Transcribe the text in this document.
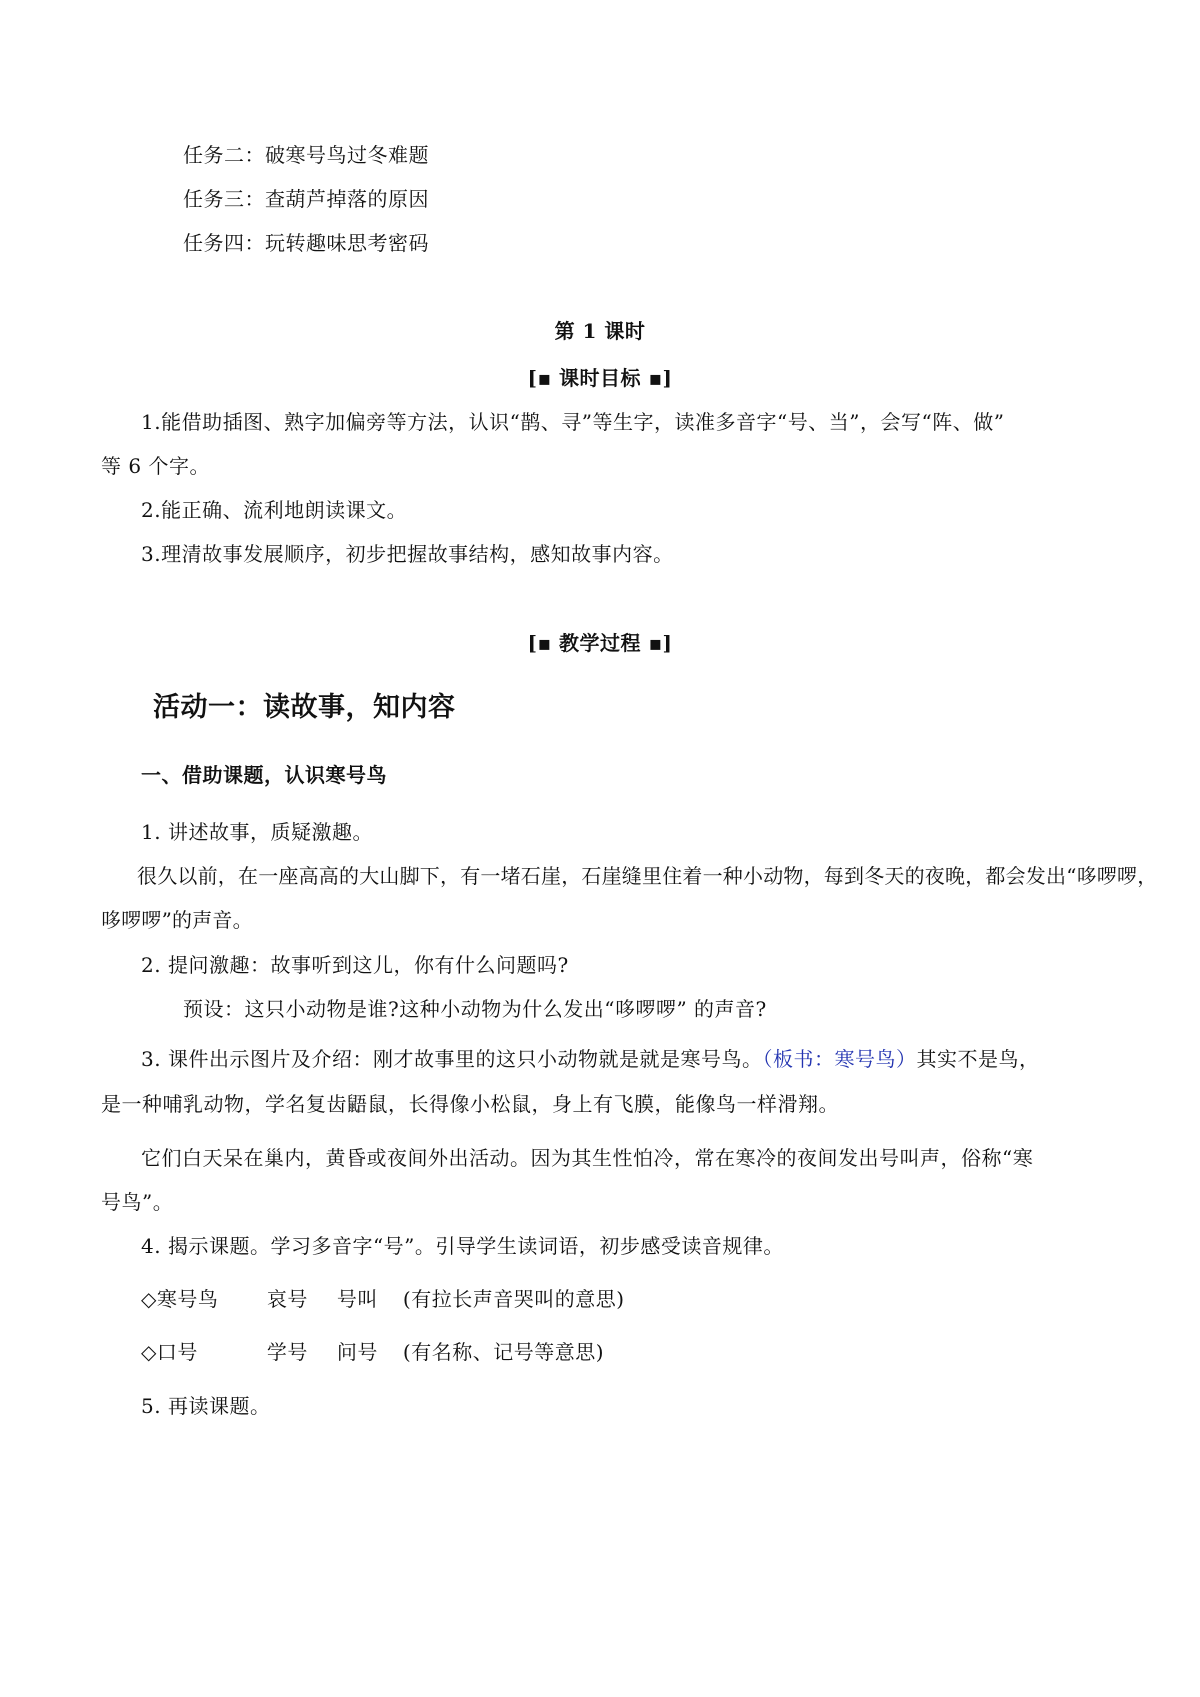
任务二：破寒号鸟过冬难题
任务三：查葫芦掉落的原因
任务四：玩转趣味思考密码
第 1 课时
[▪ 课时目标 ▪]
1.能借助插图、熟字加偏旁等方法，认识“鹊、寻”等生字，读准多音字“号、当”，会写“阵、做”
等 6 个字。
2.能正确、流利地朗读课文。
3.理清故事发展顺序，初步把握故事结构，感知故事内容。
[▪ 教学过程 ▪]
活动一：读故事，知内容
一、借助课题，认识寒号鸟
1. 讲述故事，质疑激趣。
很久以前，在一座高高的大山脚下，有一堵石崖，石崖缝里住着一种小动物，每到冬天的夜晚，都会发出“哆啰啰，
哆啰啰”的声音。
2. 提问激趣：故事听到这儿，你有什么问题吗?
预设：这只小动物是谁?这种小动物为什么发出“哆啰啰” 的声音?
3. 课件出示图片及介绍：刚才故事里的这只小动物就是就是寒号鸟。（板书：寒号鸟）其实不是鸟，
是一种哺乳动物，学名复齿鼯鼠，长得像小松鼠，身上有飞膜，能像鸟一样滑翔。
它们白天呆在巢内，黄昏或夜间外出活动。因为其生性怕冷，常在寒冷的夜间发出号叫声，俗称“寒
号鸟”。
4. 揭示课题。学习多音字“号”。引导学生读词语，初步感受读音规律。
◇寒号鸟 哀号 号叫 (有拉长声音哭叫的意思)
◇口号	学号 问号 (有名称、记号等意思)
5. 再读课题。
